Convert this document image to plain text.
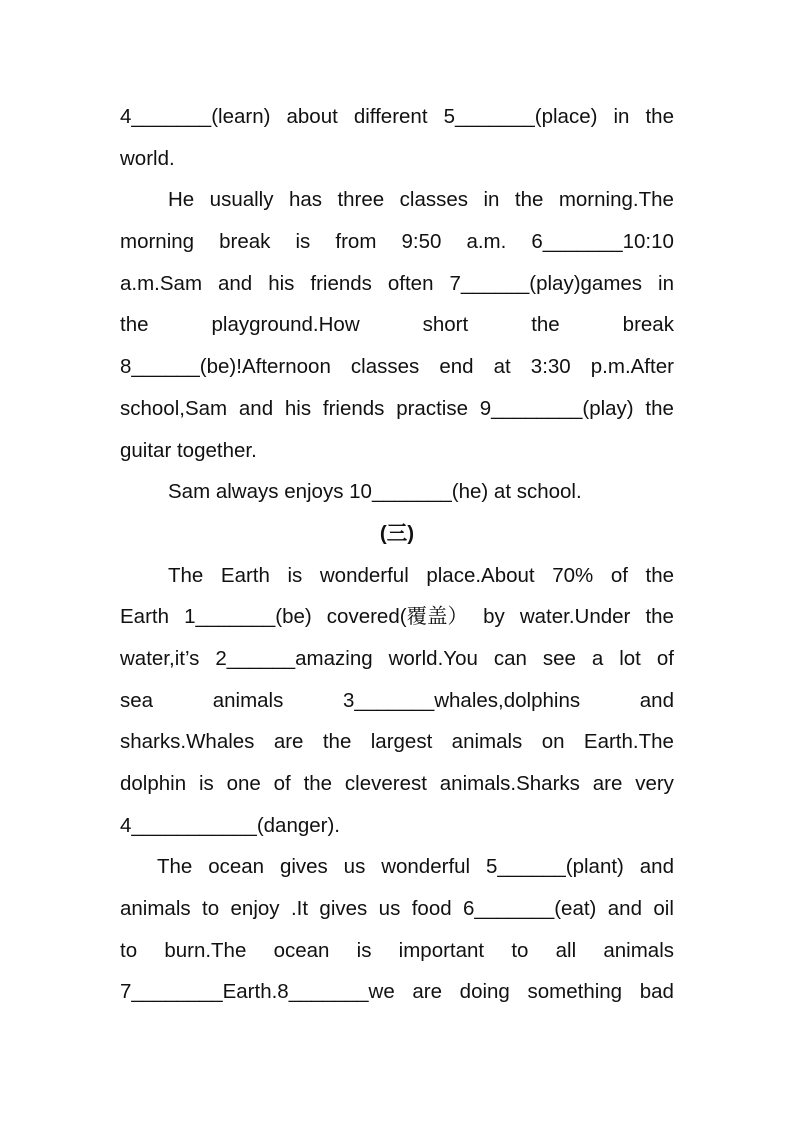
4_______(learn) about different 5_______(place) in the
world.
He usually has three classes in the morning.The
morning break is from 9:50 a.m. 6_______10:10
a.m.Sam and his friends often 7______(play)games in
the	playground.How	short	the	break
8______(be)!Afternoon classes end at 3:30 p.m.After
school,Sam and his friends practise 9________(play) the
guitar together.
Sam always enjoys 10_______(he) at school.
(三)
The Earth is wonderful place.About 70% of the
Earth 1_______(be) covered(覆盖） by water.Under the
water,it’s 2______amazing world.You can see a lot of
sea	animals	3_______whales,dolphins	and
sharks.Whales are the largest animals on Earth.The
dolphin is one of the cleverest animals.Sharks are very
4___________(danger).
The ocean gives us wonderful 5______(plant) and
animals to enjoy .It gives us food 6_______(eat) and oil
to burn.The ocean is important to all animals
7________Earth.8_______we are doing something bad
